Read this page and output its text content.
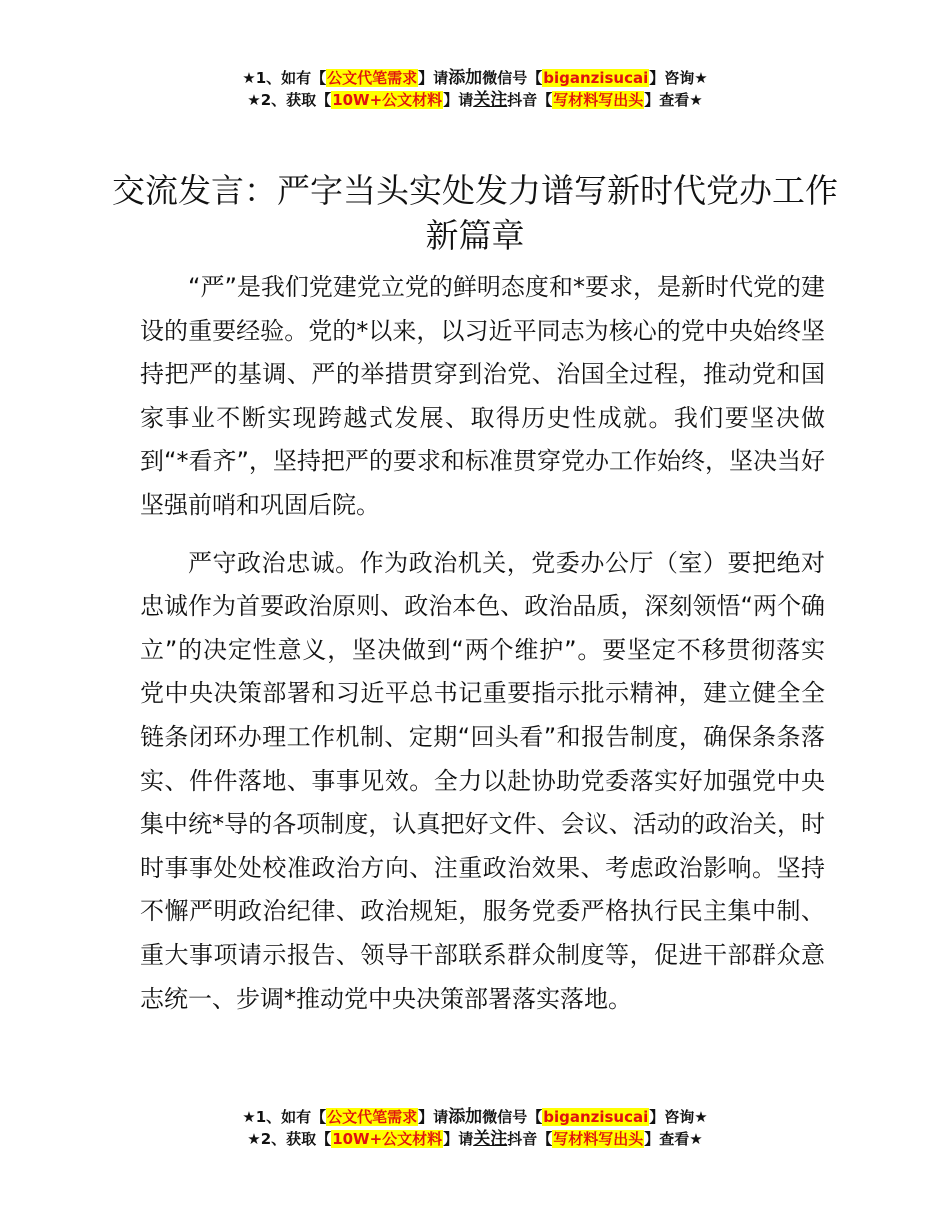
★1、如有【公文代笔需求】请添加微信号【biganzisucai】咨询★
★2、获取【10W+公文材料】请关注抖音【写材料写出头】查看★
交流发言：严字当头实处发力谱写新时代党办工作新篇章

“严”是我们党建党立党的鲜明态度和*要求，是新时代党的建设的重要经验。党的*以来，以习近平同志为核心的党中央始终坚持把严的基调、严的举措贯穿到治党、治国全过程，推动党和国家事业不断实现跨越式发展、取得历史性成就。我们要坚决做到“*看齐”，坚持把严的要求和标准贯穿党办工作始终，坚决当好坚强前哨和巩固后院。

严守政治忠诚。作为政治机关，党委办公厅（室）要把绝对忠诚作为首要政治原则、政治本色、政治品质，深刻领悟“两个确立”的决定性意义，坚决做到“两个维护”。要坚定不移贯彻落实党中央决策部署和习近平总书记重要指示批示精神，建立健全全链条闭环办理工作机制、定期“回头看”和报告制度，确保条条落实、件件落地、事事见效。全力以赴协助党委落实好加强党中央集中统*导的各项制度，认真把好文件、会议、活动的政治关，时时事事处处校准政治方向、注重政治效果、考虑政治影响。坚持不懈严明政治纪律、政治规矩，服务党委严格执行民主集中制、重大事项请示报告、领导干部联系群众制度等，促进干部群众意志统一、步调*推动党中央决策部署落实落地。

★1、如有【公文代笔需求】请添加微信号【biganzisucai】咨询★
★2、获取【10W+公文材料】请关注抖音【写材料写出头】查看★
